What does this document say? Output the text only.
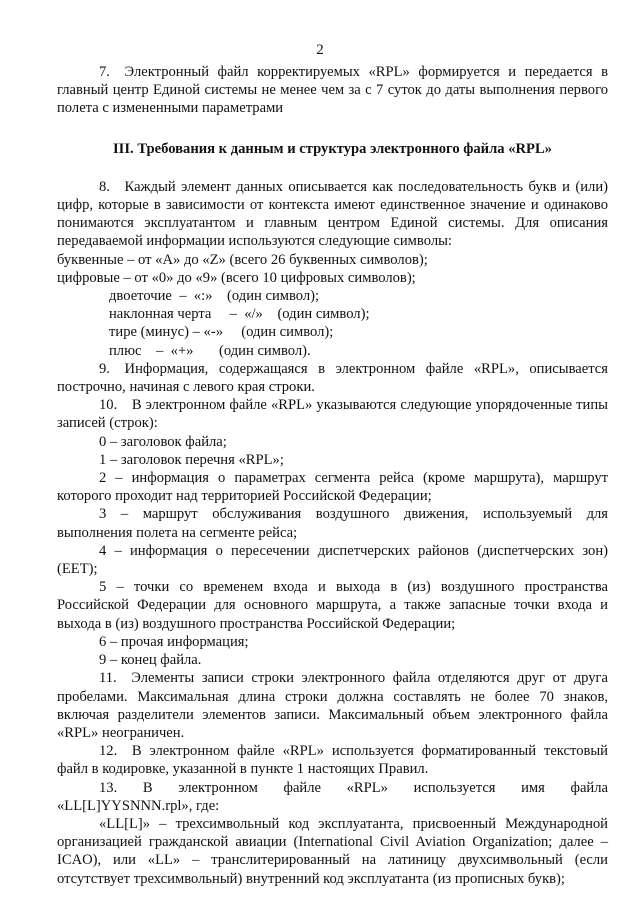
2

7. Электронный файл корректируемых «RPL» формируется и передается в главный центр Единой системы не менее чем за с 7 суток до даты выполнения первого полета с измененными параметрами

III. Требования к данным и структура электронного файла «RPL»

8. Каждый элемент данных описывается как последовательность букв и (или) цифр, которые в зависимости от контекста имеют единственное значение и одинаково понимаются эксплуатантом и главным центром Единой системы. Для описания передаваемой информации используются следующие символы:

буквенные – от «A» до «Z» (всего 26 буквенных символов);

цифровые – от «0» до «9» (всего 10 цифровых символов);

двоеточие  –  «:»    (один символ);

наклонная черта     –  «/»    (один символ);

тире (минус) – «-»     (один символ);

плюс    –  «+»       (один символ).

9. Информация, содержащаяся в электронном файле «RPL», описывается построчно, начиная с левого края строки.

10. В электронном файле «RPL» указываются следующие упорядоченные типы записей (строк):

0 – заголовок файла;

1 – заголовок перечня «RPL»;

2 – информация о параметрах сегмента рейса (кроме маршрута), маршрут которого проходит над территорией Российской Федерации;

3 – маршрут обслуживания воздушного движения, используемый для выполнения полета на сегменте рейса;

4 – информация о пересечении диспетчерских районов (диспетчерских зон) (EET);

5 – точки со временем входа и выхода в (из) воздушного пространства Российской Федерации для основного маршрута, а также запасные точки входа и выхода в (из) воздушного пространства Российской Федерации;

6 – прочая информация;

9 – конец файла.

11. Элементы записи строки электронного файла отделяются друг от друга пробелами. Максимальная длина строки должна составлять не более 70 знаков, включая разделители элементов записи. Максимальный объем электронного файла «RPL» неограничен.

12. В электронном файле «RPL» используется форматированный текстовый файл в кодировке, указанной в пункте 1 настоящих Правил.

13. В электронном файле «RPL» используется имя файла

«LL[L]YYSNNN.rpl», где:

«LL[L]» – трехсимвольный код эксплуатанта, присвоенный Международной организацией гражданской авиации (International Civil Aviation Organization; далее – ICAO), или «LL» – транслитерированный на латиницу двухсимвольный (если отсутствует трехсимвольный) внутренний код эксплуатанта (из прописных букв);
